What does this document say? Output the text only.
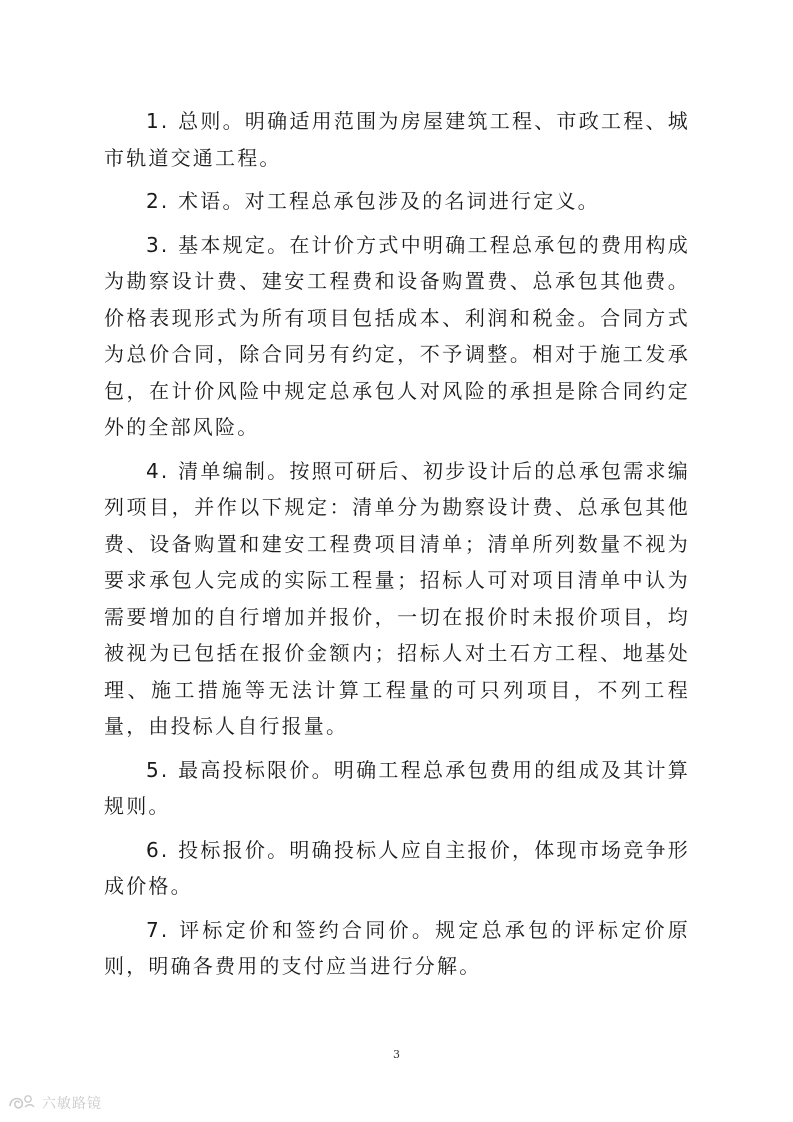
1. 总则。明确适用范围为房屋建筑工程、市政工程、城市轨道交通工程。

2. 术语。对工程总承包涉及的名词进行定义。

3. 基本规定。在计价方式中明确工程总承包的费用构成为勘察设计费、建安工程费和设备购置费、总承包其他费。价格表现形式为所有项目包括成本、利润和税金。合同方式为总价合同，除合同另有约定，不予调整。相对于施工发承包，在计价风险中规定总承包人对风险的承担是除合同约定外的全部风险。

4. 清单编制。按照可研后、初步设计后的总承包需求编列项目，并作以下规定：清单分为勘察设计费、总承包其他费、设备购置和建安工程费项目清单；清单所列数量不视为要求承包人完成的实际工程量；招标人可对项目清单中认为需要增加的自行增加并报价，一切在报价时未报价项目，均被视为已包括在报价金额内；招标人对土石方工程、地基处理、施工措施等无法计算工程量的可只列项目，不列工程量，由投标人自行报量。

5. 最高投标限价。明确工程总承包费用的组成及其计算规则。

6. 投标报价。明确投标人应自主报价，体现市场竞争形成价格。

7. 评标定价和签约合同价。规定总承包的评标定价原则，明确各费用的支付应当进行分解。

3
六敏路镜
